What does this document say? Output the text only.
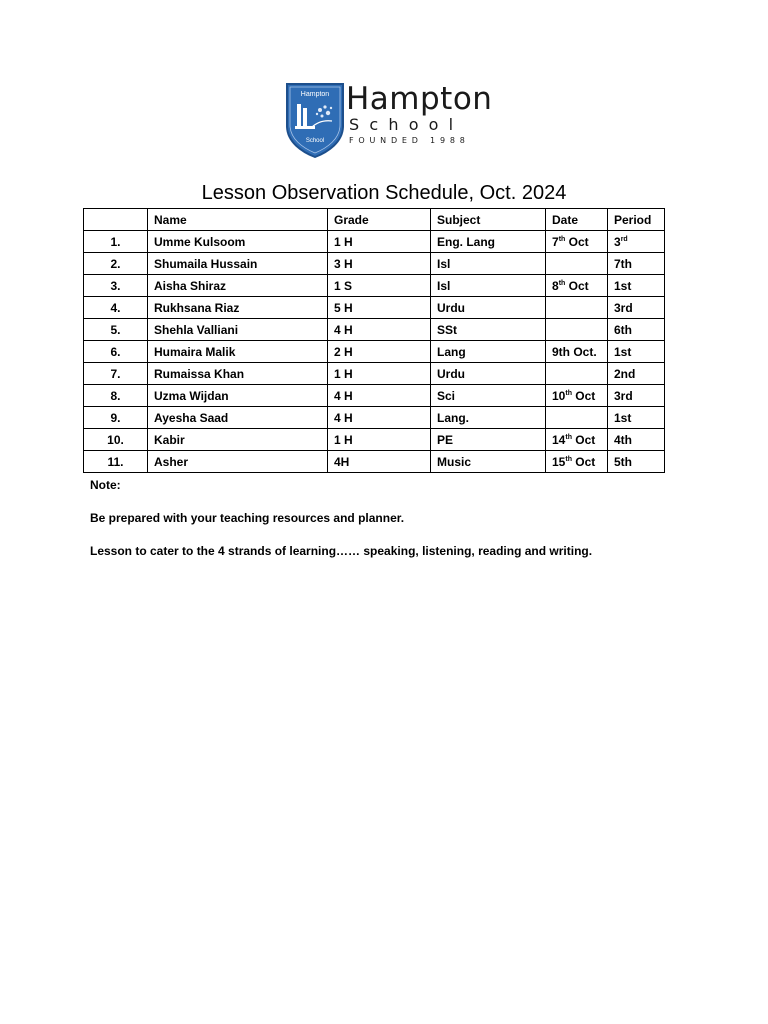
Hampton
School
Hampton
School
FOUNDED 1988
Lesson Observation Schedule, Oct. 2024
	Name	Grade	Subject	Date	Period
1.	Umme Kulsoom	1 H	Eng. Lang	7th Oct	3rd
2.	Shumaila Hussain	3 H	Isl		7th
3.	Aisha Shiraz	1 S	Isl	8th Oct	1st
4.	Rukhsana Riaz	5 H	Urdu		3rd
5.	Shehla Valliani	4 H	SSt		6th
6.	Humaira Malik	2 H	Lang	9th Oct.	1st
7.	Rumaissa Khan	1 H	Urdu		2nd
8.	Uzma Wijdan	4 H	Sci	10th Oct	3rd
9.	Ayesha Saad	4 H	Lang.		1st
10.	Kabir	1 H	PE	14th Oct	4th
11.	Asher	4H	Music	15th Oct	5th

Note:

Be prepared with your teaching resources and planner.

Lesson to cater to the 4 strands of learning…… speaking, listening, reading and writing.
